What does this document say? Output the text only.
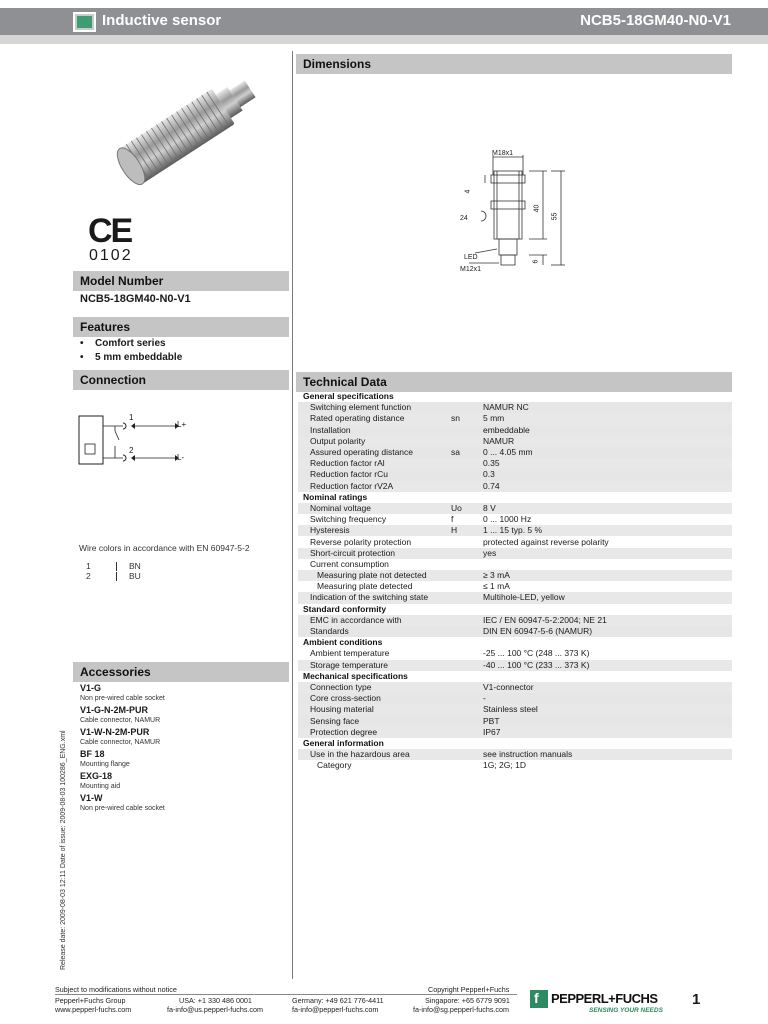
Inductive sensor	NCB5-18GM40-N0-V1
CE
0102
Model Number
NCB5-18GM40-N0-V1
Features
• Comfort series
• 5 mm embeddable
Connection
1
2
L+
L-
Wire colors in accordance with EN 60947-5-2
1	BN
2	BU
Accessories
V1-G
Non pre-wired cable socket
V1-G-N-2M-PUR
Cable connector, NAMUR
V1-W-N-2M-PUR
Cable connector, NAMUR
BF 18
Mounting flange
EXG-18
Mounting aid
V1-W
Non pre-wired cable socket
Release date: 2009-08-03 12:11 Date of issue: 2009-08-03 100286_ENG.xml
Dimensions
M18x1
4
24
40
55
6
LED
M12x1
Technical Data
General specifications		
Switching element function		NAMUR NC
Rated operating distance	sn	5 mm
Installation		embeddable
Output polarity		NAMUR
Assured operating distance	sa	0 ... 4.05 mm
Reduction factor rAl		0.35
Reduction factor rCu		0.3
Reduction factor rV2A		0.74
Nominal ratings		
Nominal voltage	Uo	8 V
Switching frequency	f	0 ... 1000 Hz
Hysteresis	H	1 ... 15 typ. 5 %
Reverse polarity protection		protected against reverse polarity
Short-circuit protection		yes
Current consumption		
Measuring plate not detected		≥ 3 mA
Measuring plate detected		≤ 1 mA
Indication of the switching state		Multihole-LED, yellow
Standard conformity		
EMC in accordance with		IEC / EN 60947-5-2:2004; NE 21
Standards		DIN EN 60947-5-6 (NAMUR)
Ambient conditions		
Ambient temperature		-25 ... 100 °C (248 ... 373 K)
Storage temperature		-40 ... 100 °C (233 ... 373 K)
Mechanical specifications		
Connection type		V1-connector
Core cross-section		-
Housing material		Stainless steel
Sensing face		PBT
Protection degree		IP67
General information		
Use in the hazardous area		see instruction manuals
Category		1G; 2G; 1D
Subject to modifications without notice	Copyright Pepperl+Fuchs
Pepperl+Fuchs Group
www.pepperl-fuchs.com
USA: +1 330 486 0001
fa-info@us.pepperl-fuchs.com
Germany: +49 621 776-4411
fa-info@pepperl-fuchs.com
Singapore: +65 6779 9091
fa-info@sg.pepperl-fuchs.com
f
PEPPERL+FUCHS
SENSING YOUR NEEDS
1
